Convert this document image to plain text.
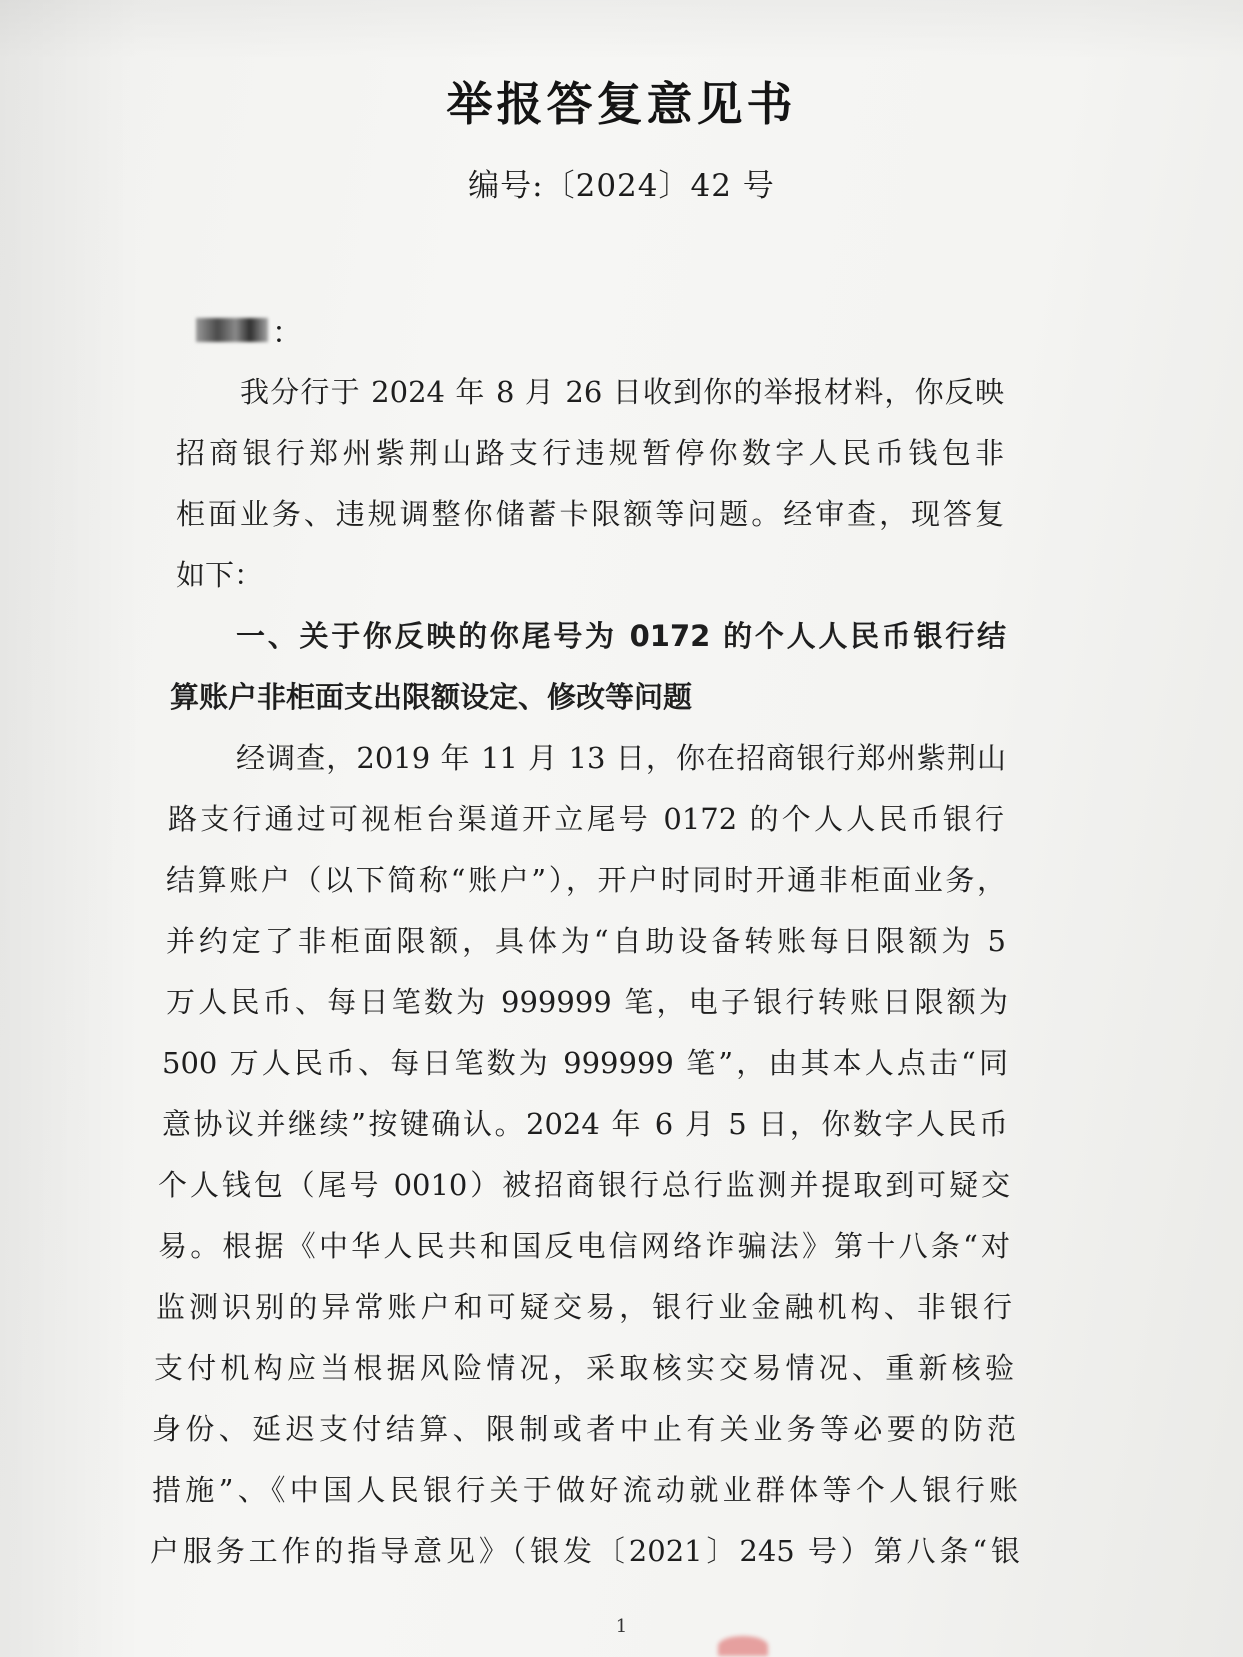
举报答复意见书
编号:〔2024〕42 号
：
我分行于 2024 年 8 月 26 日收到你的举报材料，你反映
招商银行郑州紫荆山路支行违规暂停你数字人民币钱包非
柜面业务、违规调整你储蓄卡限额等问题。经审查，现答复
如下：
一、关于你反映的你尾号为 0172 的个人人民币银行结
算账户非柜面支出限额设定、修改等问题
经调查，2019 年 11 月 13 日，你在招商银行郑州紫荆山
路支行通过可视柜台渠道开立尾号 0172 的个人人民币银行
结算账户（以下简称“账户”），开户时同时开通非柜面业务，
并约定了非柜面限额，具体为“自助设备转账每日限额为 5
万人民币、每日笔数为 999999 笔，电子银行转账日限额为
500 万人民币、每日笔数为 999999 笔”，由其本人点击“同
意协议并继续”按键确认。2024 年 6 月 5 日，你数字人民币
个人钱包（尾号 0010）被招商银行总行监测并提取到可疑交
易。根据《中华人民共和国反电信网络诈骗法》第十八条“对
监测识别的异常账户和可疑交易，银行业金融机构、非银行
支付机构应当根据风险情况，采取核实交易情况、重新核验
身份、延迟支付结算、限制或者中止有关业务等必要的防范
措施”、《中国人民银行关于做好流动就业群体等个人银行账
户服务工作的指导意见》（银发〔2021〕245 号）第八条“银
1
